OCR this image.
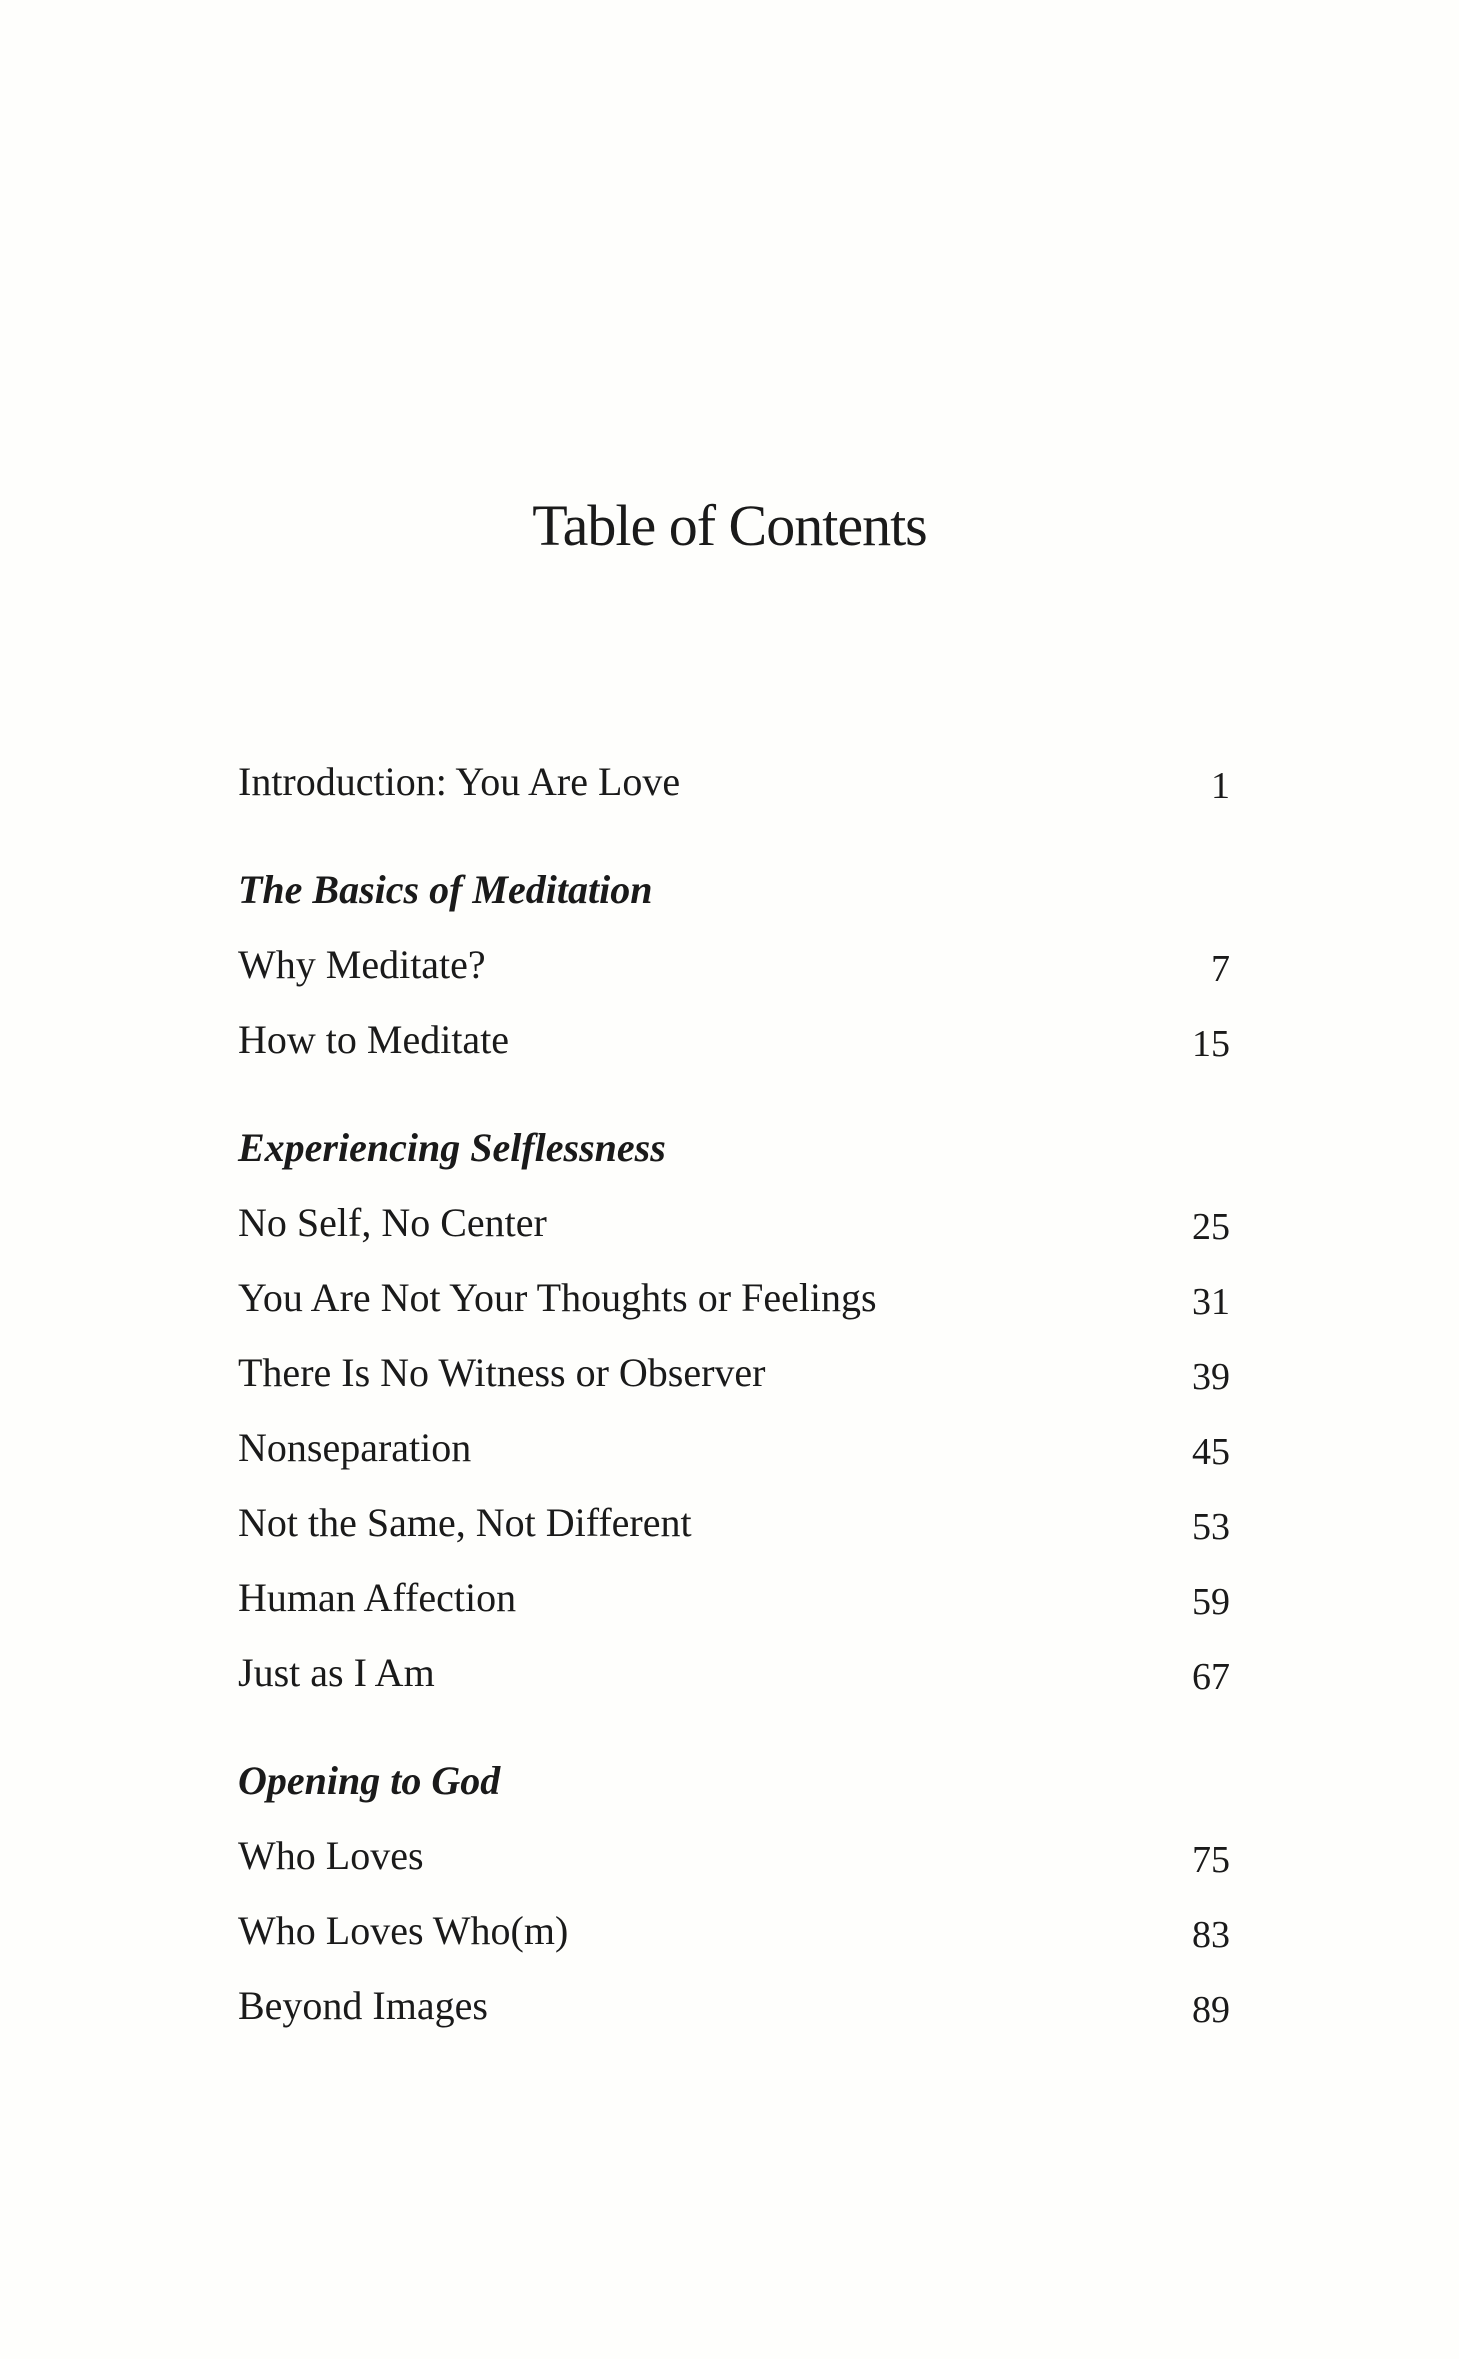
Table of Contents
Introduction: You Are Love	1
The Basics of Meditation
Why Meditate?	7
How to Meditate	15
Experiencing Selflessness
No Self, No Center	25
You Are Not Your Thoughts or Feelings	31
There Is No Witness or Observer	39
Nonseparation	45
Not the Same, Not Different	53
Human Affection	59
Just as I Am	67
Opening to God
Who Loves	75
Who Loves Who(m)	83
Beyond Images	89
